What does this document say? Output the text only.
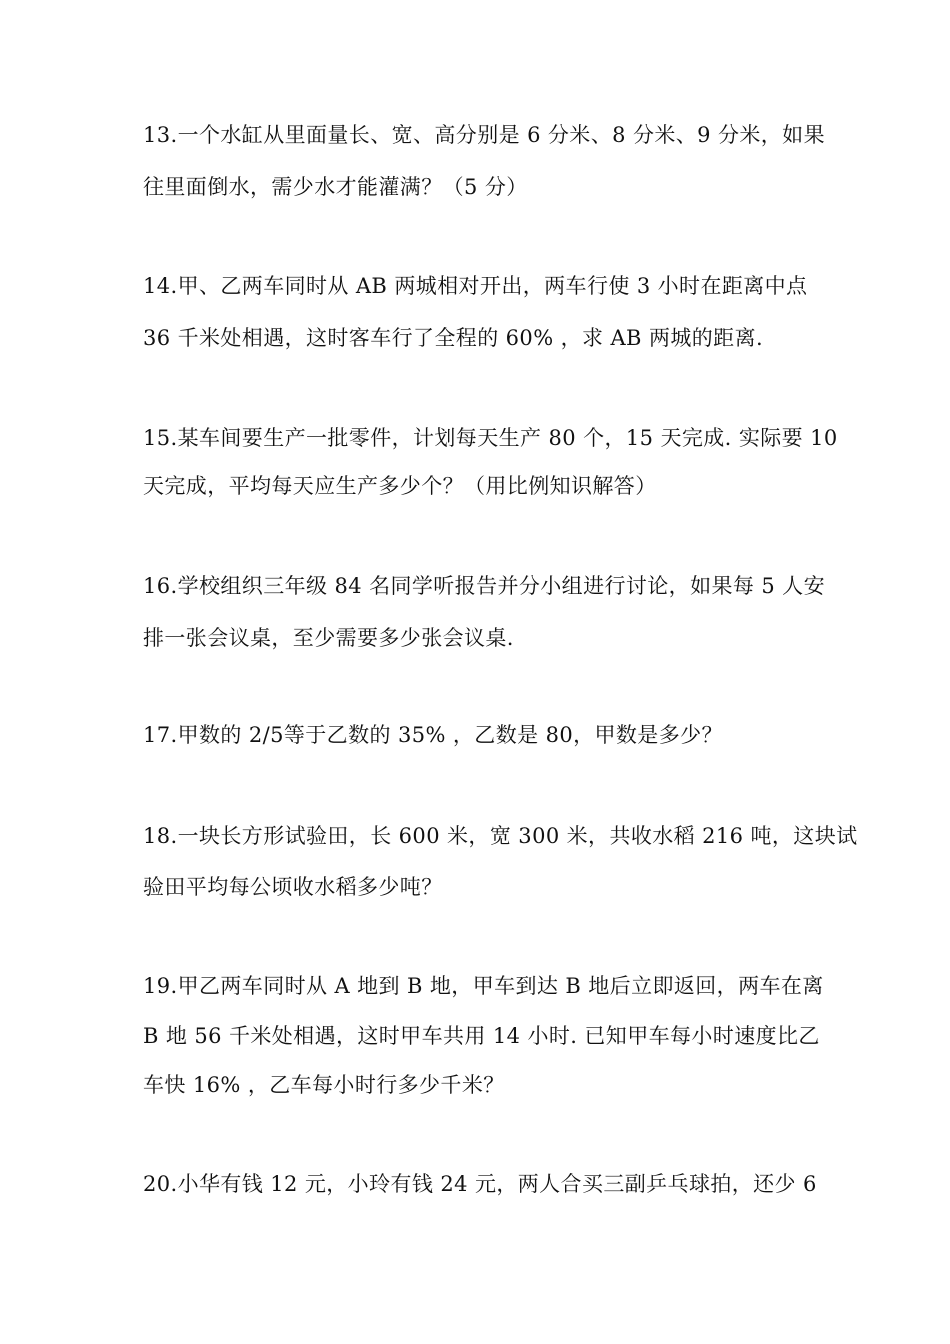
13.一个水缸从里面量长、宽、高分别是 6 分米、8 分米、9 分米，如果
往里面倒水，需少水才能灌满？（5 分）
14.甲、乙两车同时从 AB 两城相对开出，两车行使 3 小时在距离中点
36 千米处相遇，这时客车行了全程的 60% ，求 AB 两城的距离.
15.某车间要生产一批零件，计划每天生产 80 个，15 天完成. 实际要 10
天完成，平均每天应生产多少个？（用比例知识解答）
16.学校组织三年级 84 名同学听报告并分小组进行讨论，如果每 5 人安
排一张会议桌，至少需要多少张会议桌.
17.甲数的 2/5等于乙数的 35% ，乙数是 80，甲数是多少？
18.一块长方形试验田，长 600 米，宽 300 米，共收水稻 216 吨，这块试
验田平均每公顷收水稻多少吨？
19.甲乙两车同时从 A 地到 B 地，甲车到达 B 地后立即返回，两车在离
B 地 56 千米处相遇，这时甲车共用 14 小时. 已知甲车每小时速度比乙
车快 16% ，乙车每小时行多少千米？
20.小华有钱 12 元，小玲有钱 24 元，两人合买三副乒乓球拍，还少 6
